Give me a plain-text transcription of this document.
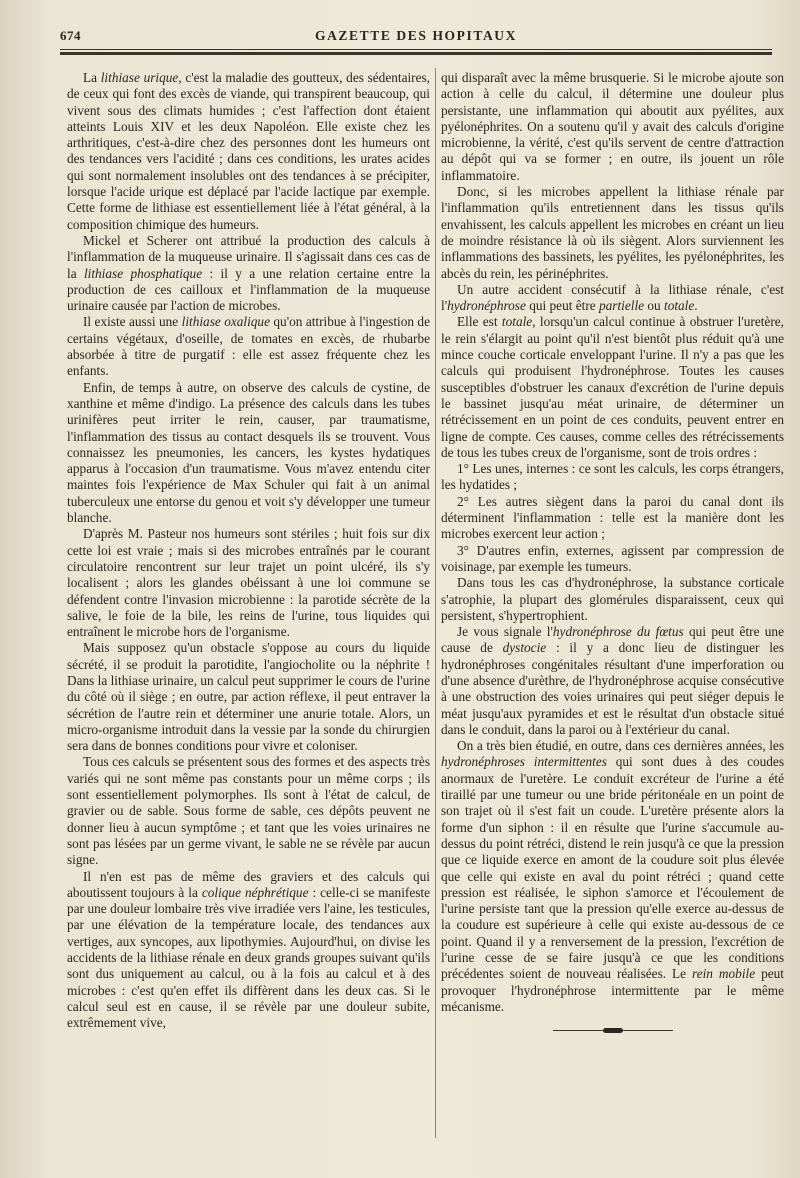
674	GAZETTE DES HOPITAUX

La lithiase urique, c'est la maladie des goutteux, des sédentaires, de ceux qui font des excès de viande, qui transpirent beaucoup, qui vivent sous des climats humides ; c'est l'affection dont étaient atteints Louis XIV et les deux Napoléon. Elle existe chez les arthritiques, c'est-à-dire chez des personnes dont les humeurs ont des tendances vers l'acidité ; dans ces conditions, les urates acides qui sont normalement insolubles ont des tendances à se précipiter, lorsque l'acide urique est déplacé par l'acide lactique par exemple. Cette forme de lithiase est essentiellement liée à l'état général, à la composition chimique des humeurs.

Mickel et Scherer ont attribué la production des calculs à l'inflammation de la muqueuse urinaire. Il s'agissait dans ces cas de la lithiase phosphatique : il y a une relation certaine entre la production de ces cailloux et l'inflammation de la muqueuse urinaire causée par l'action de microbes.

Il existe aussi une lithiase oxalique qu'on attribue à l'ingestion de certains végétaux, d'oseille, de tomates en excès, de rhubarbe absorbée à titre de purgatif : elle est assez fréquente chez les enfants.

Enfin, de temps à autre, on observe des calculs de cystine, de xanthine et même d'indigo. La présence des calculs dans les tubes urinifères peut irriter le rein, causer, par traumatisme, l'inflammation des tissus au contact desquels ils se trouvent. Vous connaissez les pneumonies, les cancers, les kystes hydatiques apparus à l'occasion d'un traumatisme. Vous m'avez entendu citer maintes fois l'expérience de Max Schuler qui fait à un animal tuberculeux une entorse du genou et voit s'y développer une tumeur blanche.

D'après M. Pasteur nos humeurs sont stériles ; huit fois sur dix cette loi est vraie ; mais si des microbes entraînés par le courant circulatoire rencontrent sur leur trajet un point ulcéré, ils s'y localisent ; alors les glandes obéissant à une loi commune se défendent contre l'invasion microbienne : la parotide sécrète de la salive, le foie de la bile, les reins de l'urine, tous liquides qui entraînent le microbe hors de l'organisme.

Mais supposez qu'un obstacle s'oppose au cours du liquide sécrété, il se produit la parotidite, l'angiocholite ou la néphrite ! Dans la lithiase urinaire, un calcul peut supprimer le cours de l'urine du côté où il siège ; en outre, par action réflexe, il peut entraver la sécrétion de l'autre rein et déterminer une anurie totale. Alors, un micro-organisme introduit dans la vessie par la sonde du chirurgien sera dans de bonnes conditions pour vivre et coloniser.

Tous ces calculs se présentent sous des formes et des aspects très variés qui ne sont même pas constants pour un même corps ; ils sont essentiellement polymorphes. Ils sont à l'état de calcul, de gravier ou de sable. Sous forme de sable, ces dépôts peuvent ne donner lieu à aucun symptôme ; et tant que les voies urinaires ne sont pas lésées par un germe vivant, le sable ne se révèle par aucun signe.

Il n'en est pas de même des graviers et des calculs qui aboutissent toujours à la colique néphrétique : celle-ci se manifeste par une douleur lombaire très vive irradiée vers l'aine, les testicules, par une élévation de la température locale, des tendances aux vertiges, aux syncopes, aux lipothymies. Aujourd'hui, on divise les accidents de la lithiase rénale en deux grands groupes suivant qu'ils sont dus uniquement au calcul, ou à la fois au calcul et à des microbes : c'est qu'en effet ils diffèrent dans les deux cas. Si le calcul seul est en cause, il se révèle par une douleur subite, extrêmement vive,

qui disparaît avec la même brusquerie. Si le microbe ajoute son action à celle du calcul, il détermine une douleur plus persistante, une inflammation qui aboutit aux pyélites, aux pyélonéphrites. On a soutenu qu'il y avait des calculs d'origine microbienne, la vérité, c'est qu'ils servent de centre d'attraction au dépôt qui va se former ; en outre, ils jouent un rôle inflammatoire.

Donc, si les microbes appellent la lithiase rénale par l'inflammation qu'ils entretiennent dans les tissus qu'ils envahissent, les calculs appellent les microbes en créant un lieu de moindre résistance là où ils siègent. Alors surviennent les inflammations des bassinets, les pyélites, les pyélonéphrites, les abcès du rein, les périnéphrites.

Un autre accident consécutif à la lithiase rénale, c'est l'hydronéphrose qui peut être partielle ou totale.

Elle est totale, lorsqu'un calcul continue à obstruer l'uretère, le rein s'élargit au point qu'il n'est bientôt plus réduit qu'à une mince couche corticale enveloppant l'urine. Il n'y a pas que les calculs qui produisent l'hydronéphrose. Toutes les causes susceptibles d'obstruer les canaux d'excrétion de l'urine depuis le bassinet jusqu'au méat urinaire, de déterminer un rétrécissement en un point de ces conduits, peuvent entrer en ligne de compte. Ces causes, comme celles des rétrécissements de tous les tubes creux de l'organisme, sont de trois ordres :

1° Les unes, internes : ce sont les calculs, les corps étrangers, les hydatides ;

2° Les autres siègent dans la paroi du canal dont ils déterminent l'inflammation : telle est la manière dont les microbes exercent leur action ;

3° D'autres enfin, externes, agissent par compression de voisinage, par exemple les tumeurs.

Dans tous les cas d'hydronéphrose, la substance corticale s'atrophie, la plupart des glomérules disparaissent, ceux qui persistent, s'hypertrophient.

Je vous signale l'hydronéphrose du fœtus qui peut être une cause de dystocie : il y a donc lieu de distinguer les hydronéphroses congénitales résultant d'une imperforation ou d'une absence d'urèthre, de l'hydronéphrose acquise consécutive à une obstruction des voies urinaires qui peut siéger depuis le méat jusqu'aux pyramides et est le résultat d'un obstacle situé dans le conduit, dans la paroi ou à l'extérieur du canal.

On a très bien étudié, en outre, dans ces dernières années, les hydronéphroses intermittentes qui sont dues à des coudes anormaux de l'uretère. Le conduit excréteur de l'urine a été tiraillé par une tumeur ou une bride péritonéale en un point de son trajet où il s'est fait un coude. L'uretère présente alors la forme d'un siphon : il en résulte que l'urine s'accumule au-dessus du point rétréci, distend le rein jusqu'à ce que la pression que ce liquide exerce en amont de la coudure soit plus élevée que celle qui existe en aval du point rétréci ; quand cette pression est réalisée, le siphon s'amorce et l'écoulement de l'urine persiste tant que la pression qu'elle exerce au-dessus de la coudure est supérieure à celle qui existe au-dessous de ce point. Quand il y a renversement de la pression, l'excrétion de l'urine cesse de se faire jusqu'à ce que les conditions précédentes soient de nouveau réalisées. Le rein mobile peut provoquer l'hydronéphrose intermittente par le même mécanisme.
